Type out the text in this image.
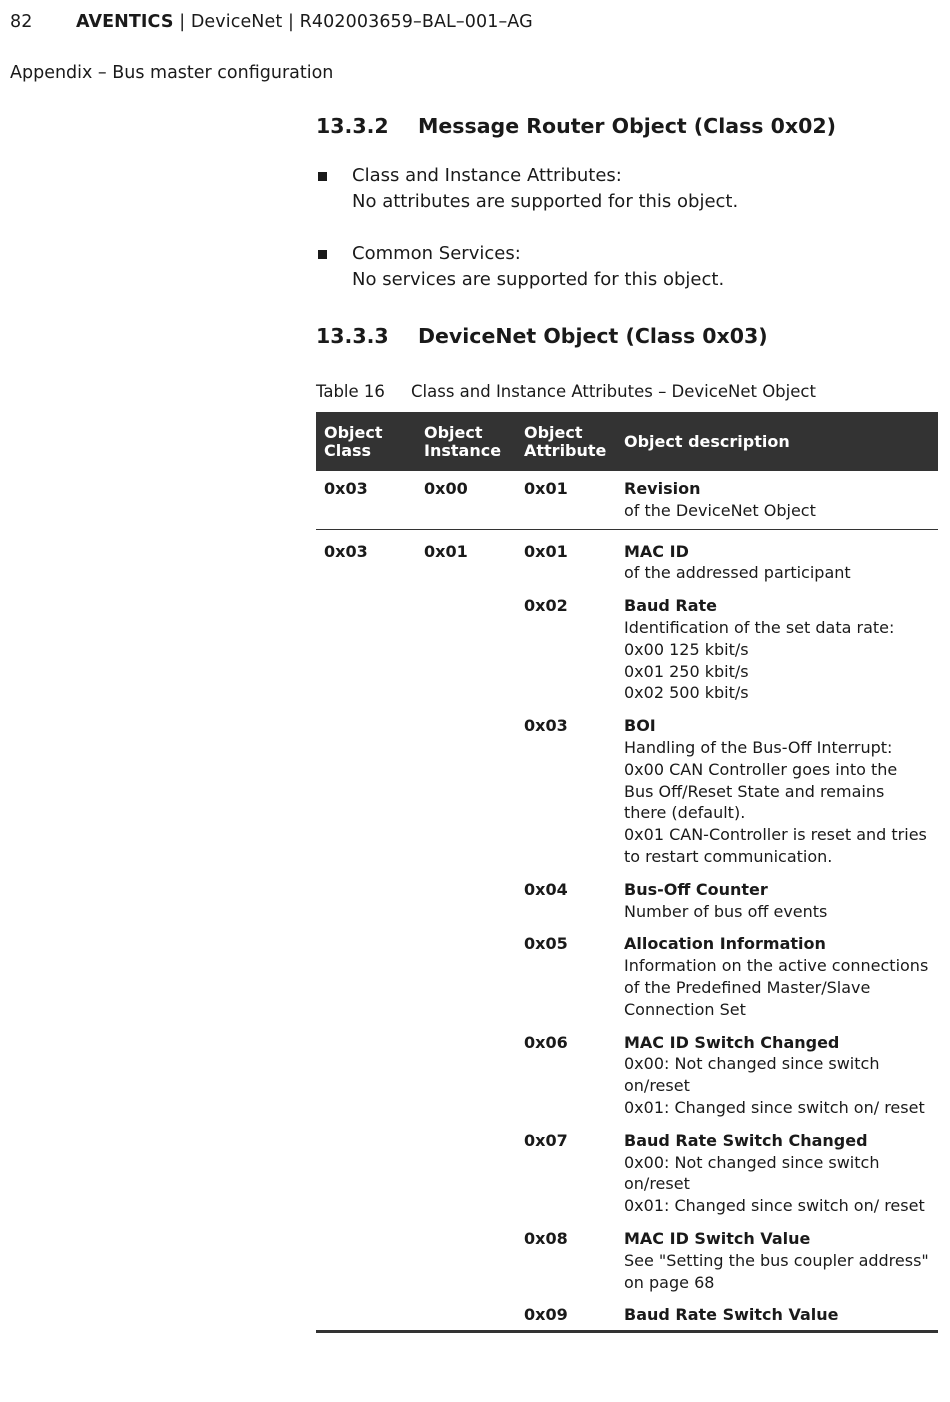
82 AVENTICS | DeviceNet | R402003659–BAL–001–AG
Appendix – Bus master configuration
13.3.2 Message Router Object (Class 0x02)
Class and Instance Attributes:
No attributes are supported for this object.
Common Services:
No services are supported for this object.
13.3.3 DeviceNet Object (Class 0x03)
Table 16 Class and Instance Attributes – DeviceNet Object
Object Class	Object Instance	Object Attribute	Object description
0x03	0x00	0x01	Revision
of the DeviceNet Object

0x03	0x01	0x01	MAC ID
of the addressed participant

		0x02	Baud Rate
Identification of the set data rate:
0x00 125 kbit/s
0x01 250 kbit/s
0x02 500 kbit/s

		0x03	BOI
Handling of the Bus-Off Interrupt:
0x00 CAN Controller goes into the Bus Off/Reset State and remains there (default).
0x01 CAN-Controller is reset and tries to restart communication.

		0x04	Bus-Off Counter
Number of bus off events

		0x05	Allocation Information
Information on the active connections of the Predefined Master/Slave Connection Set

		0x06	MAC ID Switch Changed
0x00: Not changed since switch on/reset
0x01: Changed since switch on/ reset

		0x07	Baud Rate Switch Changed
0x00: Not changed since switch on/reset
0x01: Changed since switch on/ reset

		0x08	MAC ID Switch Value
See "Setting the bus coupler address" on page 68

		0x09	Baud Rate Switch Value
